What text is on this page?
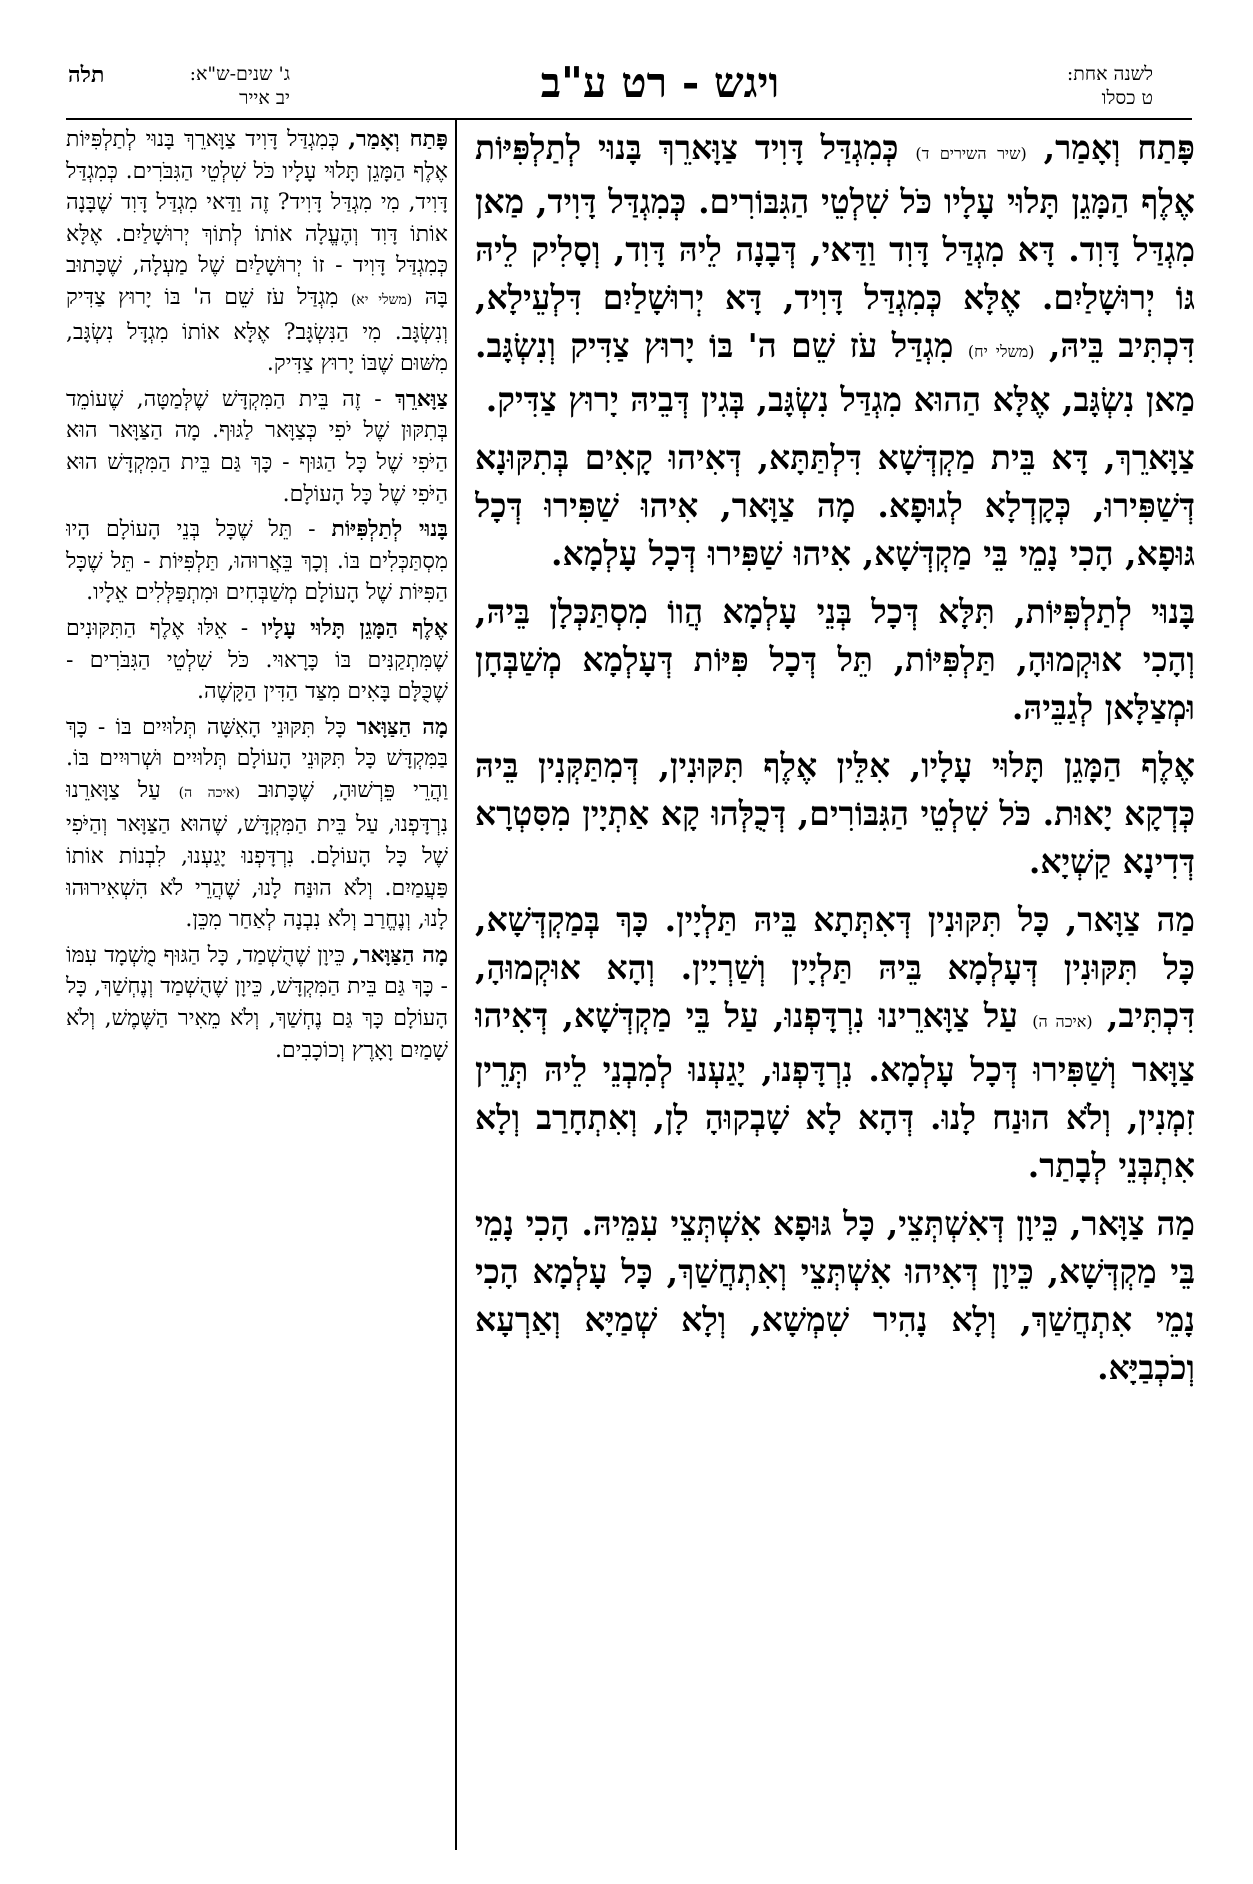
לשנה אחת:
ט כסלו
ויגש - רט ע"ב
ג' שנים-ש"א:
יב אייר
תלה

פָּתַח וְאָמַר, (שיר השירים ד) כְּמִגְדַּל דָּוִיד צַוָּארֵךְ בָּנוּי לְתַלְפִּיּוֹת אֶלֶף הַמָּגֵן תָּלוּי עָלָיו כֹּל שִׁלְטֵי הַגִּבּוֹרִים. כְּמִגְדַּל דָּוִיד, מַאן מִגְדַּל דָּוִד. דָּא מִגְדַּל דָּוִד וַדַּאי, דְּבָנָה לֵיהּ דָּוִד, וְסָלִיק לֵיהּ גּוֹ יְרוּשָׁלַיִם. אֶלָּא כְּמִגְדַּל דָּוִיד, דָּא יְרוּשָׁלַיִם דִּלְעֵילָא, דִּכְתִּיב בֵּיהּ, (משלי יח) מִגְדַּל עֹז שֵׁם ה' בּוֹ יָרוּץ צַדִּיק וְנִשְׂגָּב. מַאן נִשְׂגָּב, אֶלָּא הַהוּא מִגְדַּל נִשְׂגָּב, בְּגִין דְּבֵיהּ יָרוּץ צַדִּיק.

צַוָּארֵךְ, דָּא בֵּית מַקְדְּשָׁא דִּלְתַּתָּא, דְּאִיהוּ קָאִים בְּתִקּוּנָא דְּשַׁפִּירוּ, כְּקָדְלָא לְגוּפָא. מָה צַוָּאר, אִיהוּ שַׁפִּירוּ דְּכָל גּוּפָא, הָכִי נָמֵי בֵּי מַקְדְּשָׁא, אִיהוּ שַׁפִּירוּ דְּכָל עָלְמָא.

בָּנוּי לְתַלְפִּיּוֹת, תִּלָּא דְּכָל בְּנֵי עָלְמָא הֲווֹ מִסְתַּכְּלָן בֵּיהּ, וְהָכִי אוּקְמוּהָ, תַּלְפִּיּוֹת, תֵּל דְּכָל פִּיּוֹת דְּעָלְמָא מְשַׁבְּחָן וּמְצַלָּאן לְגַבֵּיהּ.

אֶלֶף הַמָּגֵן תָּלוּי עָלָיו, אִלֵּין אֶלֶף תִּקּוּנִין, דְּמִתַּקְּנִין בֵּיהּ כְּדְקָא יָאוּת. כֹּל שִׁלְטֵי הַגִּבּוֹרִים, דְּכֻלְּהוּ קָא אַתְיָין מִסִּטְרָא דְּדִינָא קַשְׁיָא.

מַה צַוָּאר, כָּל תִּקּוּנִין דְּאִתְּתָא בֵּיהּ תַּלְיָין. כָּךְ בְּמַקְדְּשָׁא, כָּל תִּקּוּנִין דְּעָלְמָא בֵּיהּ תַּלְיָין וְשַׁרְיָין. וְהָא אוּקְמוּהָ, דִּכְתִּיב, (איכה ה) עַל צַוָּארֵינוּ נִרְדָּפְנוּ, עַל בֵּי מַקְדְּשָׁא, דְּאִיהוּ צַוָּאר וְשַׁפִּירוּ דְּכָל עָלְמָא. נִרְדָּפְנוּ, יָגַעְנוּ לְמִבְנֵי לֵיהּ תְּרֵין זִמְנִין, וְלֹא הוּנַח לָנוּ. דְּהָא לָא שָׁבְקוּהָ לָן, וְאִתְחָרַב וְלָא אִתְבְּנֵי לְבָתַר.

מַה צַוָּאר, כֵּיוָן דְּאִשְׁתְּצֵי, כָּל גּוּפָא אִשְׁתְּצֵי עִמֵּיהּ. הָכִי נָמֵי בֵּי מַקְדְּשָׁא, כֵּיוָן דְּאִיהוּ אִשְׁתְּצֵי וְאִתְחֲשַׁךְ, כָּל עָלְמָא הָכִי נָמֵי אִתְחֲשַׁךְ, וְלָא נָהִיר שִׁמְשָׁא, וְלָא שְׁמַיָּא וְאַרְעָא וְכֹכְבַיָּא.

פָּתַח וְאָמַר, כְּמִגְדַּל דָּוִיד צַוָּארֵךְ בָּנוּי לְתַלְפִּיּוֹת אֶלֶף הַמָּגֵן תָּלוּי עָלָיו כֹּל שִׁלְטֵי הַגִּבֹּרִים. כְּמִגְדַּל דָּוִיד, מִי מִגְדַּל דָּוִיד? זֶה וַדַּאי מִגְדַּל דָּוִד שֶׁבָּנָה אוֹתוֹ דָּוִד וְהֶעֱלָה אוֹתוֹ לְתוֹךְ יְרוּשָׁלַיִם. אֶלָּא כְּמִגְדַּל דָּוִיד - זוֹ יְרוּשָׁלַיִם שֶׁל מַעְלָה, שֶׁכָּתוּב בָּהּ (משלי יא) מִגְדַּל עֹז שֵׁם ה' בּוֹ יָרוּץ צַדִּיק וְנִשְׂגָּב. מִי הַנִּשְׂגָּב? אֶלָּא אוֹתוֹ מִגְדָּל נִשְׂגָּב, מִשּׁוּם שֶׁבּוֹ יָרוּץ צַדִּיק.

צַוָּארֵךְ - זֶה בֵּית הַמִּקְדָּשׁ שֶׁלְּמַטָּה, שֶׁעוֹמֵד בְּתִקּוּן שֶׁל יֹפִי כְּצַוָּאר לַגּוּף. מָה הַצַּוָּאר הוּא הַיֹּפִי שֶׁל כָּל הַגּוּף - כָּךְ גַּם בֵּית הַמִּקְדָּשׁ הוּא הַיֹּפִי שֶׁל כָּל הָעוֹלָם.

בָּנוּי לְתַלְפִּיּוֹת - תֵּל שֶׁכָּל בְּנֵי הָעוֹלָם הָיוּ מִסְתַּכְּלִים בּוֹ. וְכָךְ בֵּאֲרוּהוּ, תַּלְפִּיּוֹת - תֵּל שֶׁכָּל הַפִּיּוֹת שֶׁל הָעוֹלָם מְשַׁבְּחִים וּמִתְפַּלְּלִים אֵלָיו.

אֶלֶף הַמָּגֵן תָּלוּי עָלָיו - אֵלּוּ אֶלֶף הַתִּקּוּנִים שֶׁמִּתְקַנִּים בּוֹ כָּרָאוּי. כֹּל שִׁלְטֵי הַגִּבֹּרִים - שֶׁכֻּלָּם בָּאִים מִצַּד הַדִּין הַקָּשֶׁה.

מָה הַצַּוָּאר כָּל תִּקּוּנֵי הָאִשָּׁה תְּלוּיִים בּוֹ - כָּךְ בַּמִּקְדָּשׁ כָּל תִּקּוּנֵי הָעוֹלָם תְּלוּיִים וּשְׁרוּיִים בּוֹ. וַהֲרֵי פֵּרְשׁוּהָ, שֶׁכָּתוּב (איכה ה) עַל צַוָּארֵנוּ נִרְדָּפְנוּ, עַל בֵּית הַמִּקְדָּשׁ, שֶׁהוּא הַצַּוָּאר וְהַיֹּפִי שֶׁל כָּל הָעוֹלָם. נִרְדָּפְנוּ יָגַעְנוּ, לִבְנוֹת אוֹתוֹ פַּעֲמַיִם. וְלֹא הוּנַּח לָנוּ, שֶׁהֲרֵי לֹא הִשְׁאִירוּהוּ לָנוּ, וְנֶחֱרַב וְלֹא נִבְנָה לְאַחַר מִכֵּן.

מָה הַצַּוָּאר, כֵּיוָן שֶׁהֻשְׁמַד, כָּל הַגּוּף מֻשְׁמָד עִמּוֹ - כָּךְ גַּם בֵּית הַמִּקְדָּשׁ, כֵּיוָן שֶׁהֻשְׁמַד וְנֶחְשַׁךְ, כָּל הָעוֹלָם כָּךְ גַּם נֶחְשַׁךְ, וְלֹא מֵאִיר הַשֶּׁמֶשׁ, וְלֹא שָׁמַיִם וָאָרֶץ וְכוֹכָבִים.
